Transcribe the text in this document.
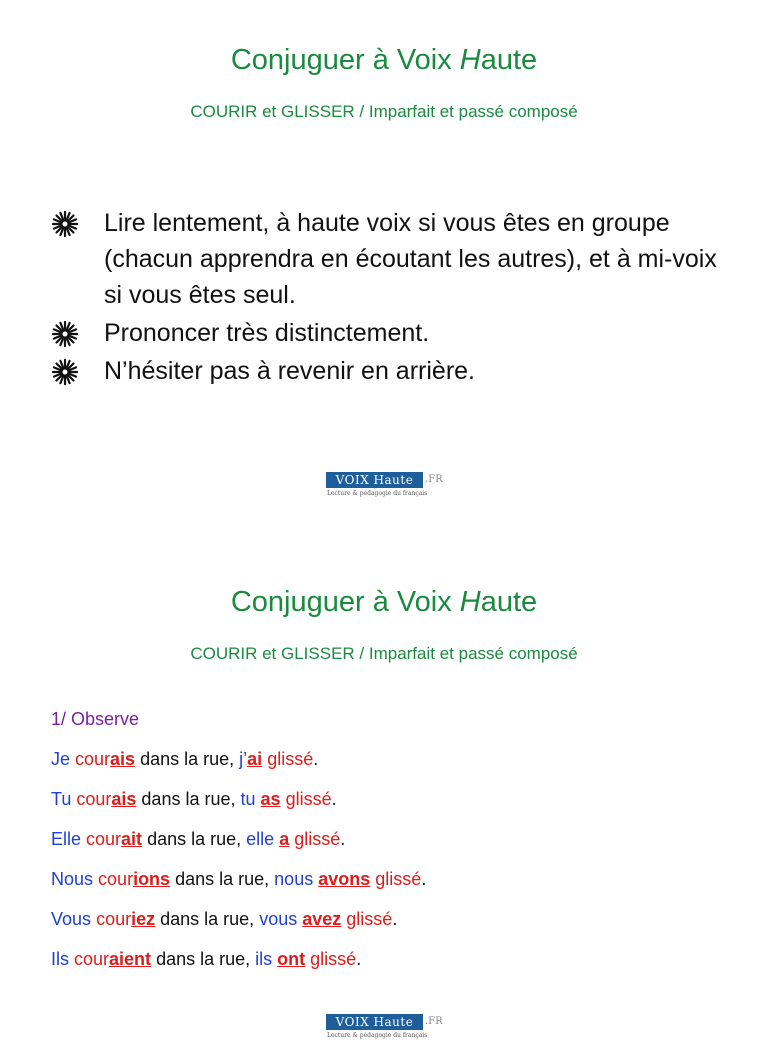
Conjuguer à Voix Haute
COURIR et GLISSER / Imparfait et passé composé
Lire lentement, à haute voix si vous êtes en groupe (chacun apprendra en écoutant les autres), et à mi-voix si vous êtes seul.
Prononcer très distinctement.
N’hésiter pas à revenir en arrière.
VOIX Haute	.FR
Lecture & pédagogie du français
Conjuguer à Voix Haute
COURIR et GLISSER / Imparfait et passé composé
1/ Observe
Je courais dans la rue, j’ai glissé.
Tu courais dans la rue, tu as glissé.
Elle courait dans la rue, elle a glissé.
Nous courions dans la rue, nous avons glissé.
Vous couriez dans la rue, vous avez glissé.
Ils couraient dans la rue, ils ont glissé.
VOIX Haute	.FR
Lecture & pédagogie du français
